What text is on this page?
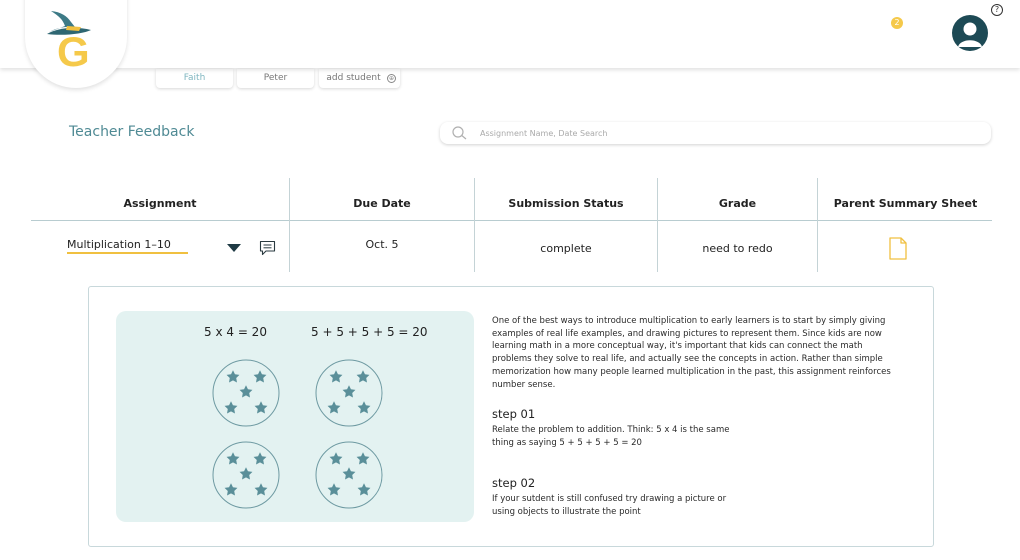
G
2
?
Faith	Peter	add student	⊕
Teacher Feedback
Assignment Name, Date Search
Assignment	Due Date	Submission Status	Grade	Parent Summary Sheet
Multiplication 1–10	Oct. 5	complete	need to redo
5 x 4 = 20	5 + 5 + 5 + 5 = 20
One of the best ways to introduce multiplication to early learners is to start by simply giving examples of real life examples, and drawing pictures to represent them. Since kids are now learning math in a more conceptual way, it's important that kids can connect the math problems they solve to real life, and actually see the concepts in action. Rather than simple memorization how many people learned multiplication in the past, this assignment reinforces number sense.
step 01
Relate the problem to addition. Think: 5 x 4 is the same thing as saying 5 + 5 + 5 + 5 = 20
step 02
If your sutdent is still confused try drawing a picture or using objects to illustrate the point
